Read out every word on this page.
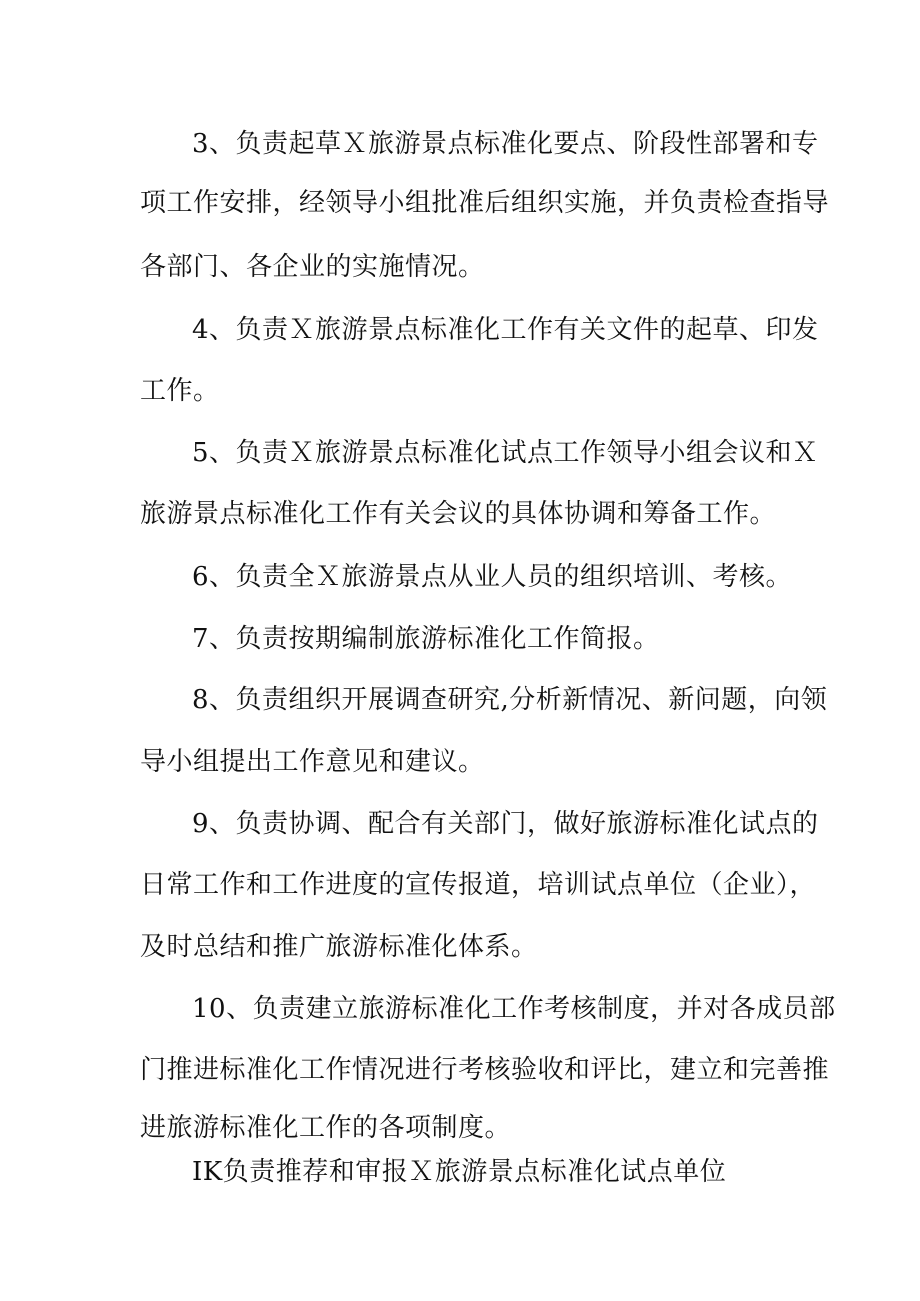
3、负责起草Ｘ旅游景点标准化要点、阶段性部署和专
项工作安排，经领导小组批准后组织实施，并负责检查指导
各部门、各企业的实施情况。
4、负责Ｘ旅游景点标准化工作有关文件的起草、印发
工作。
5、负责Ｘ旅游景点标准化试点工作领导小组会议和Ｘ
旅游景点标准化工作有关会议的具体协调和筹备工作。
6、负责全Ｘ旅游景点从业人员的组织培训、考核。
7、负责按期编制旅游标准化工作简报。
8、负责组织开展调查研究,分析新情况、新问题，向领
导小组提出工作意见和建议。
9、负责协调、配合有关部门，做好旅游标准化试点的
日常工作和工作进度的宣传报道，培训试点单位（企业），
及时总结和推广旅游标准化体系。
10、负责建立旅游标准化工作考核制度，并对各成员部
门推进标准化工作情况进行考核验收和评比，建立和完善推
进旅游标准化工作的各项制度。
IK负责推荐和审报Ｘ旅游景点标准化试点单位
